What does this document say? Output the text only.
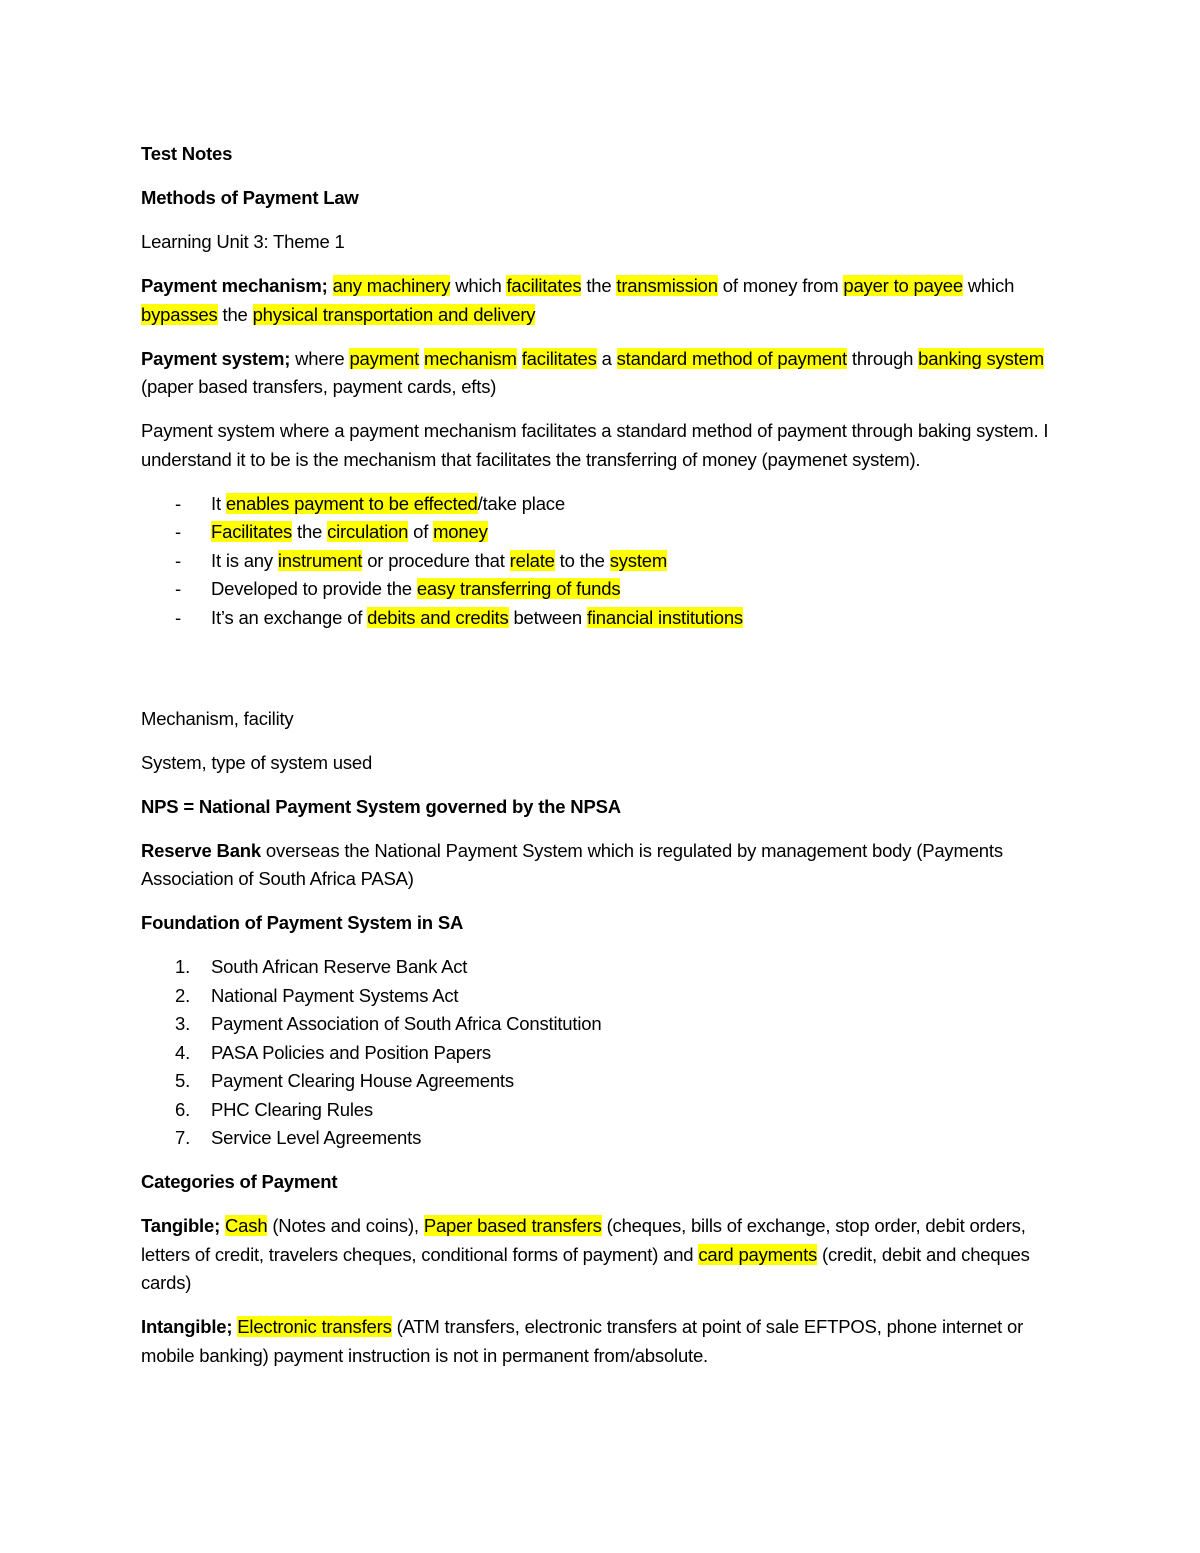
Test Notes

Methods of Payment Law

Learning Unit 3: Theme 1

Payment mechanism; any machinery which facilitates the transmission of money from payer to payee which bypasses the physical transportation and delivery

Payment system; where payment mechanism facilitates a standard method of payment through banking system (paper based transfers, payment cards, efts)

Payment system where a payment mechanism facilitates a standard method of payment through baking system. I understand it to be is the mechanism that facilitates the transferring of money (paymenet system).

- It enables payment to be effected/take place
- Facilitates the circulation of money
- It is any instrument or procedure that relate to the system
- Developed to provide the easy transferring of funds
- It’s an exchange of debits and credits between financial institutions

Mechanism, facility

System, type of system used

NPS = National Payment System governed by the NPSA

Reserve Bank overseas the National Payment System which is regulated by management body (Payments Association of South Africa PASA)

Foundation of Payment System in SA

1. South African Reserve Bank Act
2. National Payment Systems Act
3. Payment Association of South Africa Constitution
4. PASA Policies and Position Papers
5. Payment Clearing House Agreements
6. PHC Clearing Rules
7. Service Level Agreements

Categories of Payment

Tangible; Cash (Notes and coins), Paper based transfers (cheques, bills of exchange, stop order, debit orders, letters of credit, travelers cheques, conditional forms of payment) and card payments (credit, debit and cheques cards)

Intangible; Electronic transfers (ATM transfers, electronic transfers at point of sale EFTPOS, phone internet or mobile banking) payment instruction is not in permanent from/absolute.
